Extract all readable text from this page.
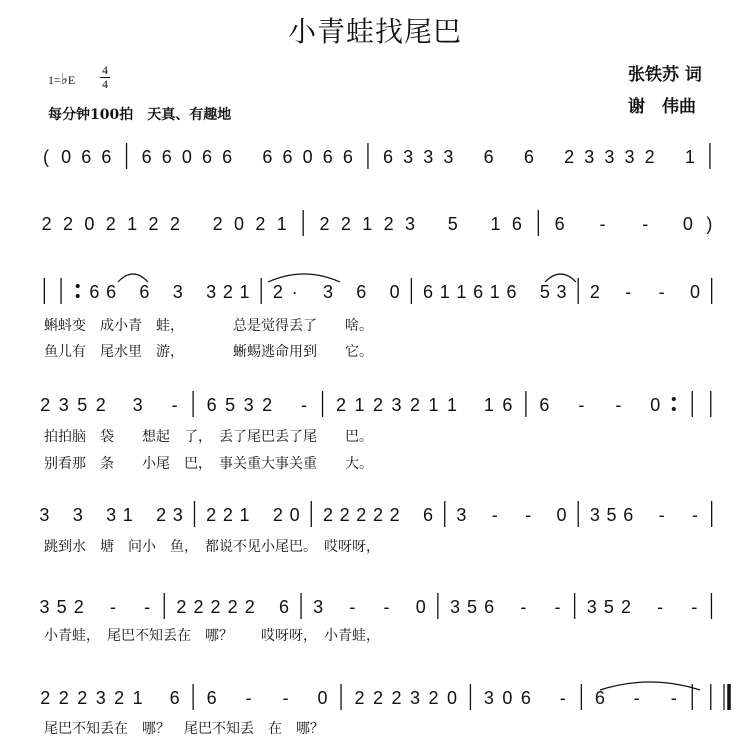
小青蛙找尾巴
张铁苏 词
谢　伟曲
1=♭E
4
4
每分钟100拍　天真、有趣地
( 0 6 6 6 6 0 6 6 6 6 0 6 6 6 3 3 3 6 6 2 3 3 3 2 1
2 2 0 2 1 2 2 2 0 2 1 2 2 1 2 3 5 1 6 6 - - 0 )
6 6 6 3 3 2 1 2 · 3 6 0 6 1 1 6 1 6 5 3 2 - - 0
蝌蚪变　成小青　蛙，　　　　总是觉得丢了　　啥。
鱼儿有　尾水里　游，　　　　蜥蜴逃命用到　　它。
2 3 5 2 3 - 6 5 3 2 - 2 1 2 3 2 1 1 1 6 6 - - 0
拍拍脑　袋　　想起　了，　丢了尾巴丢了尾　　巴。
别看那　条　　小尾　巴，　事关重大事关重　　大。
3 3 3 1 2 3 2 2 1 2 0 2 2 2 2 2 6 3 - - 0 3 5 6 - -
跳到水　塘　问小　鱼，　都说不见小尾巴。　哎呀呀，
3 5 2 - - 2 2 2 2 2 6 3 - - 0 3 5 6 - - 3 5 2 - -
小青蛙，　尾巴不知丢在　哪？　　哎呀呀，　小青蛙，
2 2 2 3 2 1 6 6 - - 0 2 2 2 3 2 0 3 0 6 - 6 - -
尾巴不知丢在　哪？　尾巴不知丢　在　哪？
